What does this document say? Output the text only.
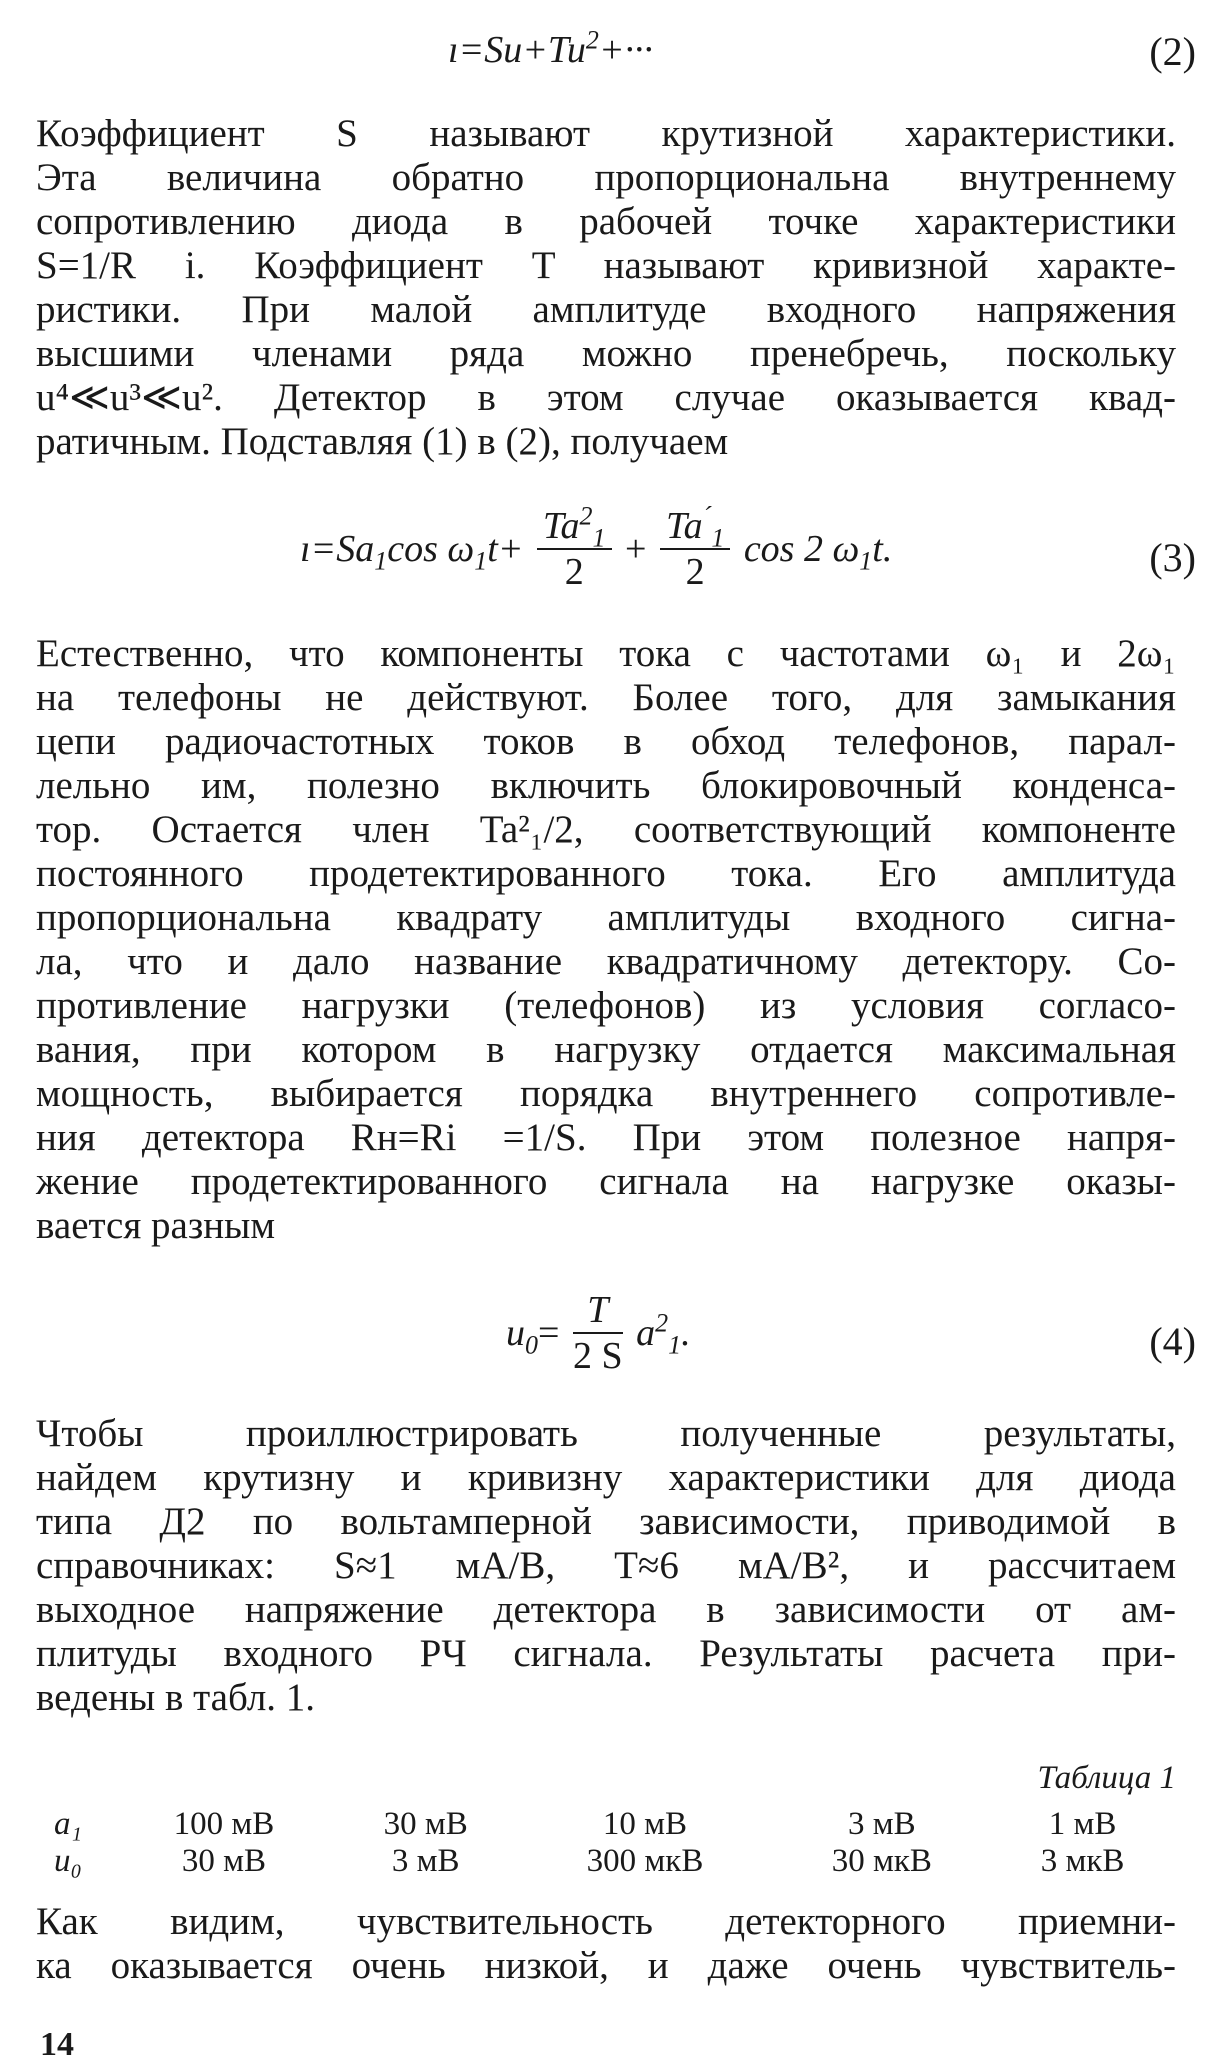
$ı=Su+Tu^2+\cdot\cdot\cdot$	(2)
Коэффициент S называют крутизной характеристики.
Эта величина обратно пропорциональна внутреннему
сопротивлению диода в рабочей точке характеристики
S=1/R i. Коэффициент T называют кривизной характе-
ристики. При малой амплитуде входного напряжения
высшими членами ряда можно пренебречь, поскольку
u⁴≪u³≪u². Детектор в этом случае оказывается квад-
ратичным. Подставляя (1) в (2), получаем
$ı=Sa_1\cos$ $\omega_1t+ \frac{Ta^2_1}{2} + \frac{Ta^´_1}{2}$ cos 2 $\omega_1t$.	(3)
Естественно, что компоненты тока с частотами ω₁ и 2ω₁
на телефоны не действуют. Более того, для замыкания
цепи радиочастотных токов в обход телефонов, парал-
лельно им, полезно включить блокировочный конденса-
тор. Остается член Ta²₁/2, соответствующий компоненте
постоянного продетектированного тока. Его амплитуда
пропорциональна квадрату амплитуды входного сигна-
ла, что и дало название квадратичному детектору. Со-
противление нагрузки (телефонов) из условия согласо-
вания, при котором в нагрузку отдается максимальная
мощность, выбирается порядка внутреннего сопротивле-
ния детектора Rн=Ri =1/S. При этом полезное напря-
жение продетектированного сигнала на нагрузке оказы-
вается разным
$u_0= \frac{T}{2 S} a^2_1$.	(4)
Чтобы проиллюстрировать полученные результаты,
найдем крутизну и кривизну характеристики для диода
типа Д2 по вольтамперной зависимости, приводимой в
справочниках: S≈1 мА/В, T≈6 мА/В², и рассчитаем
выходное напряжение детектора в зависимости от ам-
плитуды входного РЧ сигнала. Результаты расчета при-
ведены в табл. 1.
Таблица 1
a₁	100 мВ	30 мВ	10 мВ	3 мВ	1 мВ
u₀	30 мВ	3 мВ	300 мкВ	30 мкВ	3 мкВ
Как видим, чувствительность детекторного приемни-
ка оказывается очень низкой, и даже очень чувствитель-
14
